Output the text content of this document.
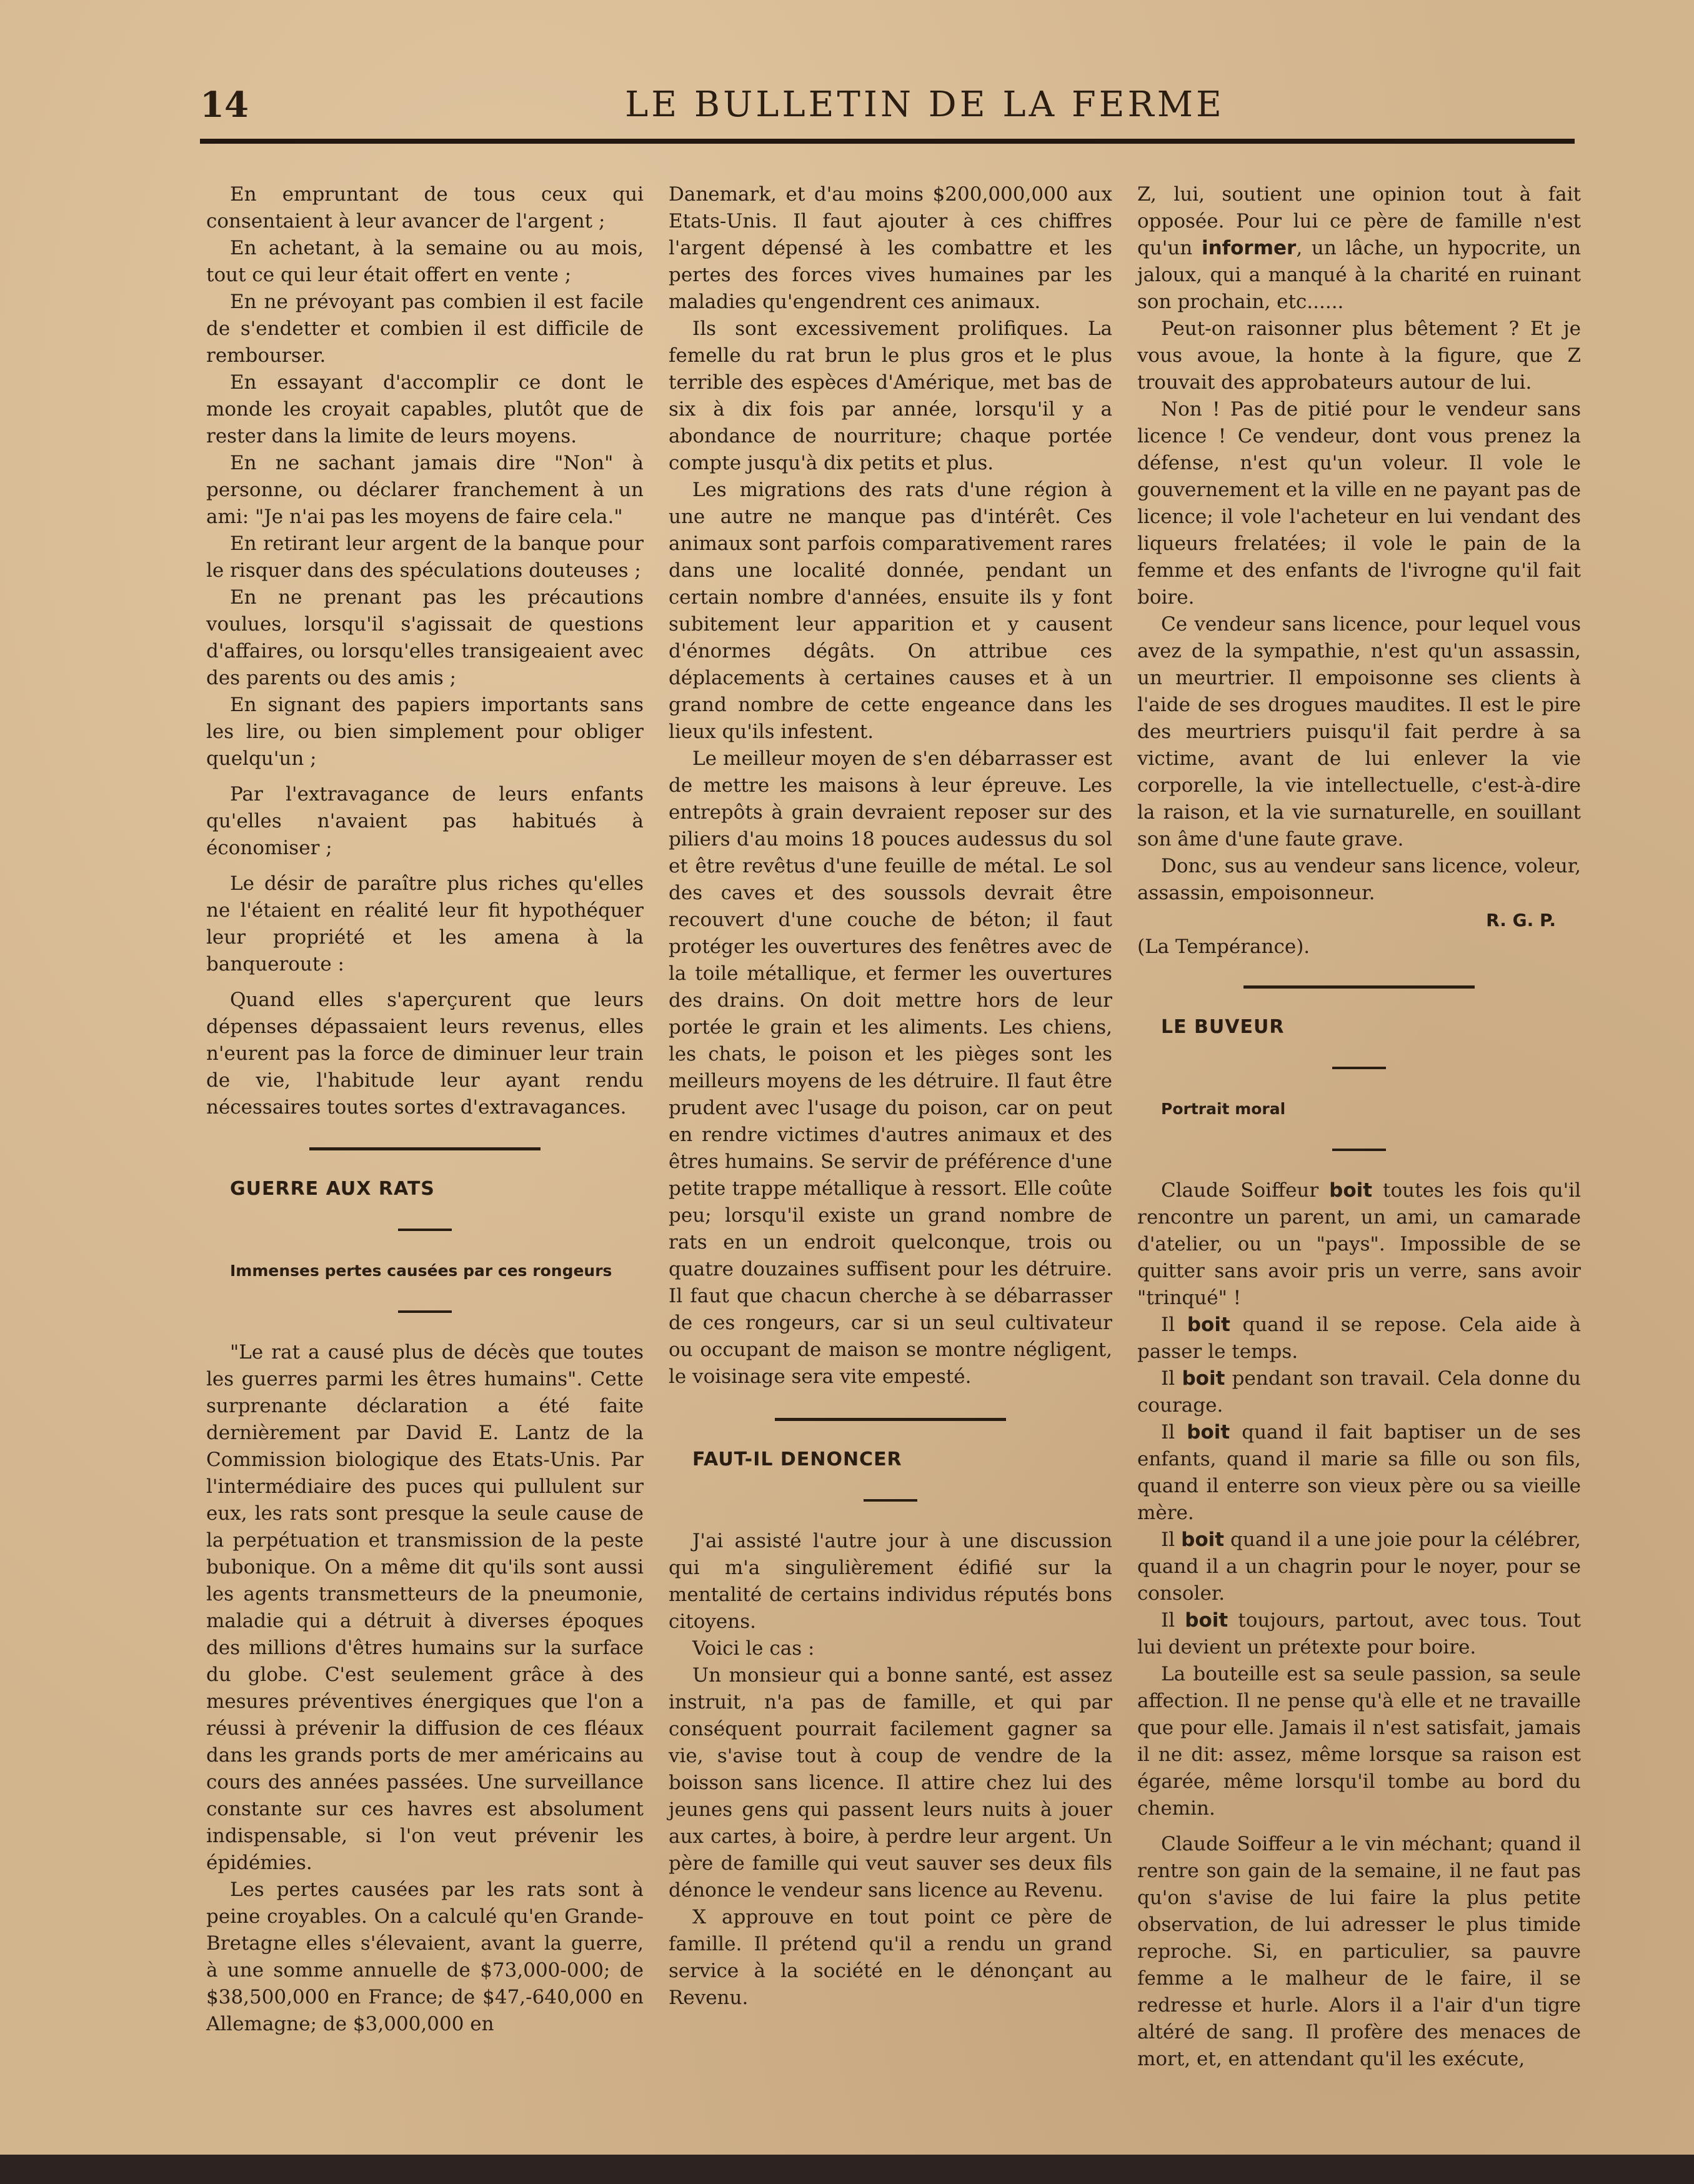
14	LE BULLETIN DE LA FERME

En empruntant de tous ceux qui consentaient à leur avancer de l'argent ;

En achetant, à la semaine ou au mois, tout ce qui leur était offert en vente ;

En ne prévoyant pas combien il est facile de s'endetter et combien il est difficile de rembourser.

En essayant d'accomplir ce dont le monde les croyait capables, plutôt que de rester dans la limite de leurs moyens.

En ne sachant jamais dire "Non" à personne, ou déclarer franchement à un ami: "Je n'ai pas les moyens de faire cela."

En retirant leur argent de la banque pour le risquer dans des spéculations douteuses ;

En ne prenant pas les précautions voulues, lorsqu'il s'agissait de questions d'affaires, ou lorsqu'elles transigeaient avec des parents ou des amis ;

En signant des papiers importants sans les lire, ou bien simplement pour obliger quelqu'un ;

Par l'extravagance de leurs enfants qu'elles n'avaient pas habitués à économiser ;

Le désir de paraître plus riches qu'elles ne l'étaient en réalité leur fit hypothéquer leur propriété et les amena à la banqueroute :

Quand elles s'aperçurent que leurs dépenses dépassaient leurs revenus, elles n'eurent pas la force de diminuer leur train de vie, l'habitude leur ayant rendu nécessaires toutes sortes d'extravagances.

GUERRE AUX RATS

Immenses pertes causées par ces rongeurs

"Le rat a causé plus de décès que toutes les guerres parmi les êtres humains". Cette surprenante déclaration a été faite dernièrement par David E. Lantz de la Commission biologique des Etats-Unis. Par l'intermédiaire des puces qui pullulent sur eux, les rats sont presque la seule cause de la perpétuation et transmission de la peste bubonique. On a même dit qu'ils sont aussi les agents transmetteurs de la pneumonie, maladie qui a détruit à diverses époques des millions d'êtres humains sur la surface du globe. C'est seulement grâce à des mesures préventives énergiques que l'on a réussi à prévenir la diffusion de ces fléaux dans les grands ports de mer américains au cours des années passées. Une surveillance constante sur ces havres est absolument indispensable, si l'on veut prévenir les épidémies.

Les pertes causées par les rats sont à peine croyables. On a calculé qu'en Grande-Bretagne elles s'élevaient, avant la guerre, à une somme annuelle de $73,000-000; de $38,500,000 en France; de $47,-640,000 en Allemagne; de $3,000,000 en

Danemark, et d'au moins $200,000,000 aux Etats-Unis. Il faut ajouter à ces chiffres l'argent dépensé à les combattre et les pertes des forces vives humaines par les maladies qu'engendrent ces animaux.

Ils sont excessivement prolifiques. La femelle du rat brun le plus gros et le plus terrible des espèces d'Amérique, met bas de six à dix fois par année, lorsqu'il y a abondance de nourriture; chaque portée compte jusqu'à dix petits et plus.

Les migrations des rats d'une région à une autre ne manque pas d'intérêt. Ces animaux sont parfois comparativement rares dans une localité donnée, pendant un certain nombre d'années, ensuite ils y font subitement leur apparition et y causent d'énormes dégâts. On attribue ces déplacements à certaines causes et à un grand nombre de cette engeance dans les lieux qu'ils infestent.

Le meilleur moyen de s'en débarrasser est de mettre les maisons à leur épreuve. Les entrepôts à grain devraient reposer sur des piliers d'au moins 18 pouces audessus du sol et être revêtus d'une feuille de métal. Le sol des caves et des soussols devrait être recouvert d'une couche de béton; il faut protéger les ouvertures des fenêtres avec de la toile métallique, et fermer les ouvertures des drains. On doit mettre hors de leur portée le grain et les aliments. Les chiens, les chats, le poison et les pièges sont les meilleurs moyens de les détruire. Il faut être prudent avec l'usage du poison, car on peut en rendre victimes d'autres animaux et des êtres humains. Se servir de préférence d'une petite trappe métallique à ressort. Elle coûte peu; lorsqu'il existe un grand nombre de rats en un endroit quelconque, trois ou quatre douzaines suffisent pour les détruire. Il faut que chacun cherche à se débarrasser de ces rongeurs, car si un seul cultivateur ou occupant de maison se montre négligent, le voisinage sera vite empesté.

FAUT-IL DENONCER

J'ai assisté l'autre jour à une discussion qui m'a singulièrement édifié sur la mentalité de certains individus réputés bons citoyens.

Voici le cas :

Un monsieur qui a bonne santé, est assez instruit, n'a pas de famille, et qui par conséquent pourrait facilement gagner sa vie, s'avise tout à coup de vendre de la boisson sans licence. Il attire chez lui des jeunes gens qui passent leurs nuits à jouer aux cartes, à boire, à perdre leur argent. Un père de famille qui veut sauver ses deux fils dénonce le vendeur sans licence au Revenu.

X approuve en tout point ce père de famille. Il prétend qu'il a rendu un grand service à la société en le dénonçant au Revenu.

Z, lui, soutient une opinion tout à fait opposée. Pour lui ce père de famille n'est qu'un informer, un lâche, un hypocrite, un jaloux, qui a manqué à la charité en ruinant son prochain, etc......

Peut-on raisonner plus bêtement ? Et je vous avoue, la honte à la figure, que Z trouvait des approbateurs autour de lui.

Non ! Pas de pitié pour le vendeur sans licence ! Ce vendeur, dont vous prenez la défense, n'est qu'un voleur. Il vole le gouvernement et la ville en ne payant pas de licence; il vole l'acheteur en lui vendant des liqueurs frelatées; il vole le pain de la femme et des enfants de l'ivrogne qu'il fait boire.

Ce vendeur sans licence, pour lequel vous avez de la sympathie, n'est qu'un assassin, un meurtrier. Il empoisonne ses clients à l'aide de ses drogues maudites. Il est le pire des meurtriers puisqu'il fait perdre à sa victime, avant de lui enlever la vie corporelle, la vie intellectuelle, c'est-à-dire la raison, et la vie surnaturelle, en souillant son âme d'une faute grave.

Donc, sus au vendeur sans licence, voleur, assassin, empoisonneur.

R. G. P.

(La Tempérance).

LE BUVEUR

Portrait moral

Claude Soiffeur boit toutes les fois qu'il rencontre un parent, un ami, un camarade d'atelier, ou un "pays". Impossible de se quitter sans avoir pris un verre, sans avoir "trinqué" !

Il boit quand il se repose. Cela aide à passer le temps.

Il boit pendant son travail. Cela donne du courage.

Il boit quand il fait baptiser un de ses enfants, quand il marie sa fille ou son fils, quand il enterre son vieux père ou sa vieille mère.

Il boit quand il a une joie pour la célébrer, quand il a un chagrin pour le noyer, pour se consoler.

Il boit toujours, partout, avec tous. Tout lui devient un prétexte pour boire.

La bouteille est sa seule passion, sa seule affection. Il ne pense qu'à elle et ne travaille que pour elle. Jamais il n'est satisfait, jamais il ne dit: assez, même lorsque sa raison est égarée, même lorsqu'il tombe au bord du chemin.

Claude Soiffeur a le vin méchant; quand il rentre son gain de la semaine, il ne faut pas qu'on s'avise de lui faire la plus petite observation, de lui adresser le plus timide reproche. Si, en particulier, sa pauvre femme a le malheur de le faire, il se redresse et hurle. Alors il a l'air d'un tigre altéré de sang. Il profère des menaces de mort, et, en attendant qu'il les exécute,
